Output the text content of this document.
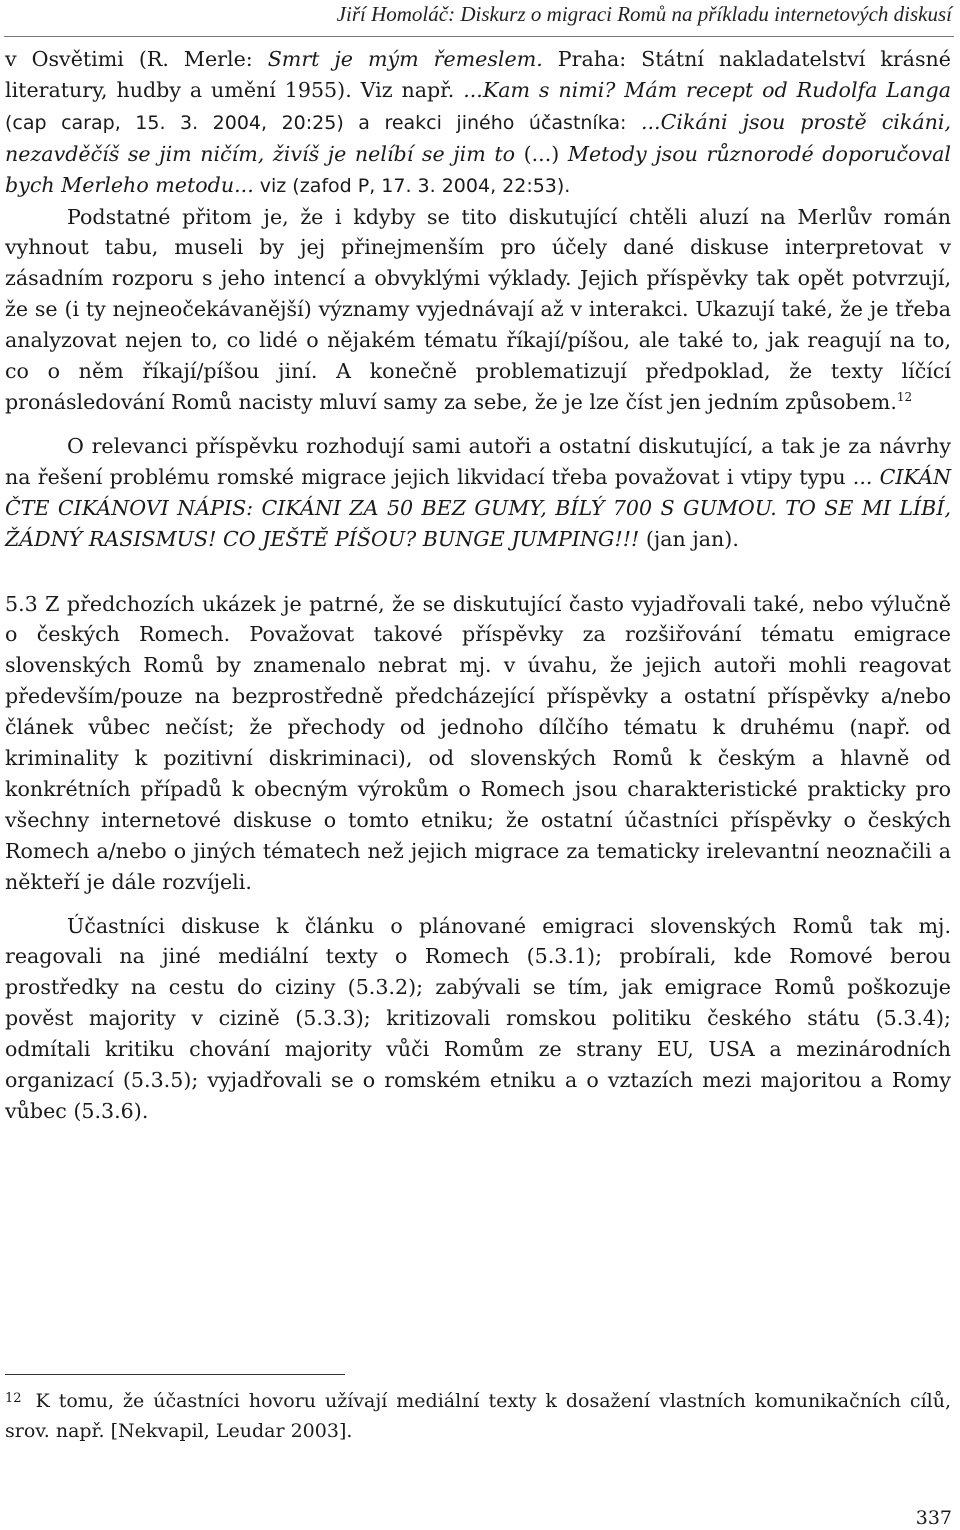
Jiří Homoláč: Diskurz o migraci Romů na příkladu internetových diskusí

v Osvětimi (R. Merle: Smrt je mým řemeslem. Praha: Státní nakladatelství krásné literatury, hudby a umění 1955). Viz např. ...Kam s nimi? Mám recept od Rudolfa Langa (cap carap, 15. 3. 2004, 20:25) a reakci jiného účastníka: ...Cikáni jsou prostě cikáni, nezavděčíš se jim ničím, živíš je nelíbí se jim to (...) Metody jsou různorodé doporučoval bych Merleho metodu... viz (zafod P, 17. 3. 2004, 22:53).

Podstatné přitom je, že i kdyby se tito diskutující chtěli aluzí na Merlův román vyhnout tabu, museli by jej přinejmenším pro účely dané diskuse interpretovat v zásadním rozporu s jeho intencí a obvyklými výklady. Jejich příspěvky tak opět potvrzují, že se (i ty nejneočekávanější) významy vyjednávají až v interakci. Ukazují také, že je třeba analyzovat nejen to, co lidé o nějakém tématu říkají/píšou, ale také to, jak reagují na to, co o něm říkají/píšou jiní. A konečně problematizují předpoklad, že texty líčící pronásledování Romů nacisty mluví samy za sebe, že je lze číst jen jedním způsobem.$^{12}$

O relevanci příspěvku rozhodují sami autoři a ostatní diskutující, a tak je za návrhy na řešení problému romské migrace jejich likvidací třeba považovat i vtipy typu ... CIKÁN ČTE CIKÁNOVI NÁPIS: CIKÁNI ZA 50 BEZ GUMY, BÍLÝ 700 S GUMOU. TO SE MI LÍBÍ, ŽÁDNÝ RASISMUS! CO JEŠTĚ PÍŠOU? BUNGE JUMPING!!! (jan jan).

5.3 Z předchozích ukázek je patrné, že se diskutující často vyjadřovali také, nebo výlučně o českých Romech. Považovat takové příspěvky za rozšiřování tématu emigrace slovenských Romů by znamenalo nebrat mj. v úvahu, že jejich autoři mohli reagovat především/pouze na bezprostředně předcházející příspěvky a ostatní příspěvky a/nebo článek vůbec nečíst; že přechody od jednoho dílčího tématu k druhému (např. od kriminality k pozitivní diskriminaci), od slovenských Romů k českým a hlavně od konkrétních případů k obecným výrokům o Romech jsou charakteristické prakticky pro všechny internetové diskuse o tomto etniku; že ostatní účastníci příspěvky o českých Romech a/nebo o jiných tématech než jejich migrace za tematicky irelevantní neoznačili a někteří je dále rozvíjeli.

Účastníci diskuse k článku o plánované emigraci slovenských Romů tak mj. reagovali na jiné mediální texty o Romech (5.3.1); probírali, kde Romové berou prostředky na cestu do ciziny (5.3.2); zabývali se tím, jak emigrace Romů poškozuje pověst majority v cizině (5.3.3); kritizovali romskou politiku českého státu (5.3.4); odmítali kritiku chování majority vůči Romům ze strany EU, USA a mezinárodních organizací (5.3.5); vyjadřovali se o romském etniku a o vztazích mezi majoritou a Romy vůbec (5.3.6).

$^{12}$ K tomu, že účastníci hovoru užívají mediální texty k dosažení vlastních komunikačních cílů, srov. např. [Nekvapil, Leudar 2003].
337
